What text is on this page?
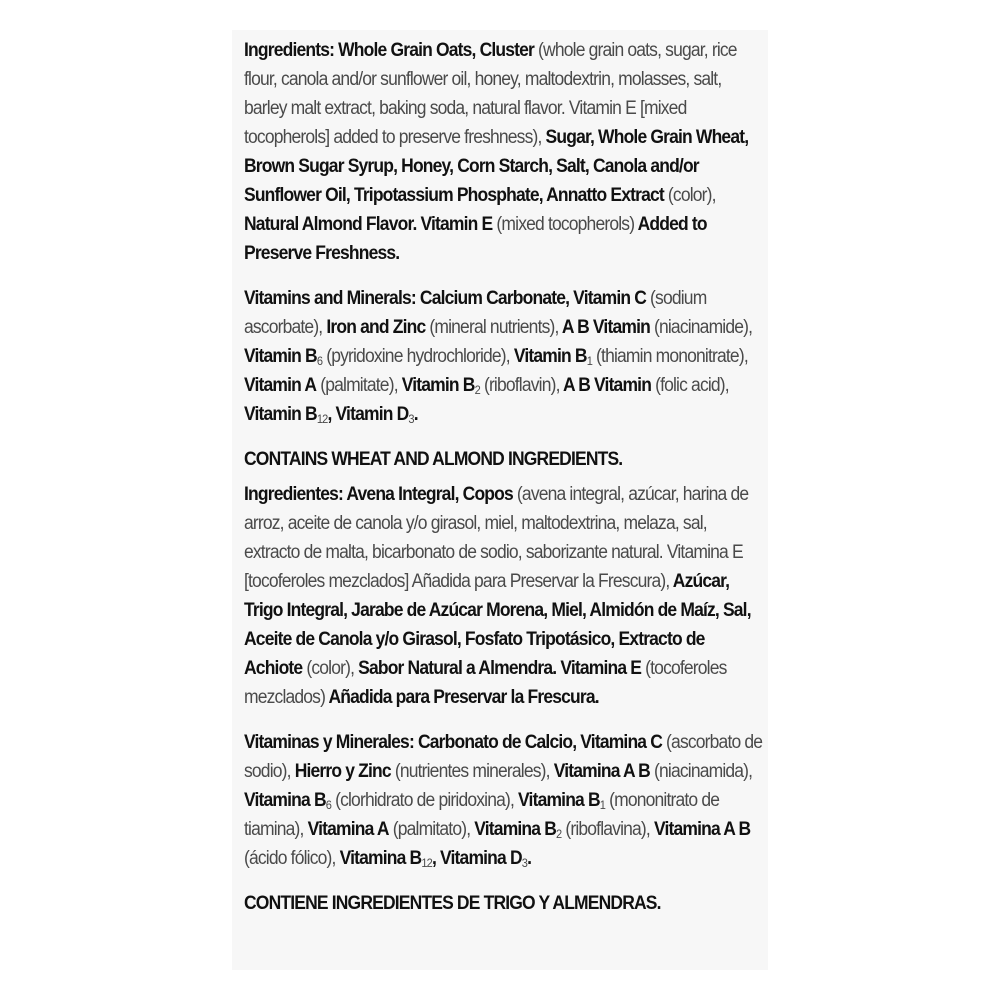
Ingredients: Whole Grain Oats, Cluster (whole grain oats, sugar, rice flour, canola and/or sunflower oil, honey, maltodextrin, molasses, salt, barley malt extract, baking soda, natural flavor. Vitamin E [mixed tocopherols] added to preserve freshness), Sugar, Whole Grain Wheat, Brown Sugar Syrup, Honey, Corn Starch, Salt, Canola and/or Sunflower Oil, Tripotassium Phosphate, Annatto Extract (color), Natural Almond Flavor. Vitamin E (mixed tocopherols) Added to Preserve Freshness.

Vitamins and Minerals: Calcium Carbonate, Vitamin C (sodium ascorbate), Iron and Zinc (mineral nutrients), A B Vitamin (niacinamide), Vitamin $B_6$ (pyridoxine hydrochloride), Vitamin $B_1$ (thiamin mononitrate), Vitamin A (palmitate), Vitamin $B_2$ (riboflavin), A B Vitamin (folic acid), Vitamin $B_{12}$, Vitamin $D_3$.

CONTAINS WHEAT AND ALMOND INGREDIENTS.

Ingredientes: Avena Integral, Copos (avena integral, azúcar, harina de arroz, aceite de canola y/o girasol, miel, maltodextrina, melaza, sal, extracto de malta, bicarbonato de sodio, saborizante natural. Vitamina E [tocoferoles mezclados] Añadida para Preservar la Frescura), Azúcar, Trigo Integral, Jarabe de Azúcar Morena, Miel, Almidón de Maíz, Sal, Aceite de Canola y/o Girasol, Fosfato Tripotásico, Extracto de Achiote (color), Sabor Natural a Almendra. Vitamina E (tocoferoles mezclados) Añadida para Preservar la Frescura.

Vitaminas y Minerales: Carbonato de Calcio, Vitamina C (ascorbato de sodio), Hierro y Zinc (nutrientes minerales), Vitamina A B (niacinamida), Vitamina $B_6$ (clorhidrato de piridoxina), Vitamina $B_1$ (mononitrato de tiamina), Vitamina A (palmitato), Vitamina $B_2$ (riboflavina), Vitamina A B (ácido fólico), Vitamina $B_{12}$, Vitamina $D_3$.

CONTIENE INGREDIENTES DE TRIGO Y ALMENDRAS.
